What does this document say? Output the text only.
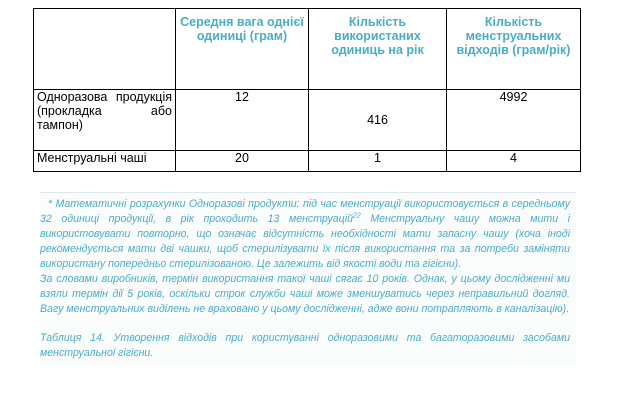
	Середня вага однієї одиниці (грам)	Кількість використаних одиниць на рік	Кількість менструальних відходів (грам/рік)
Одноразова продукція (прокладка або тампон)	12	416	4992
Менструальні чаші	20	1	4

* Математичні розрахунки Одноразові продукти: під час менструації використовується в середньому 32 одиниці продукції, в рік проходить 13 менструацій$^{22}$ Менструальну чашу можна мити і використовувати повторно, що означає відсутність необхідності мати запасну чашу (хоча іноді рекомендується мати дві чашки, щоб стерилізувати їх після використання та за потреби заміняти використану попередньо стерилізованою. Це залежить від якості води та гігієни).

За словами виробників, термін використання такої чаші сягає 10 років. Однак, у цьому дослідженні ми взяли термін дії 5 років, оскільки строк служби чаші може зменшуватись через неправильний догляд. Вагу менструальних виділень не враховано у цьому дослідженні, адже вони потрапляють в каналізацію).

Таблиця 14. Утворення відходів при користуванні одноразовими та багаторазовими засобами менструальної гігієни.
